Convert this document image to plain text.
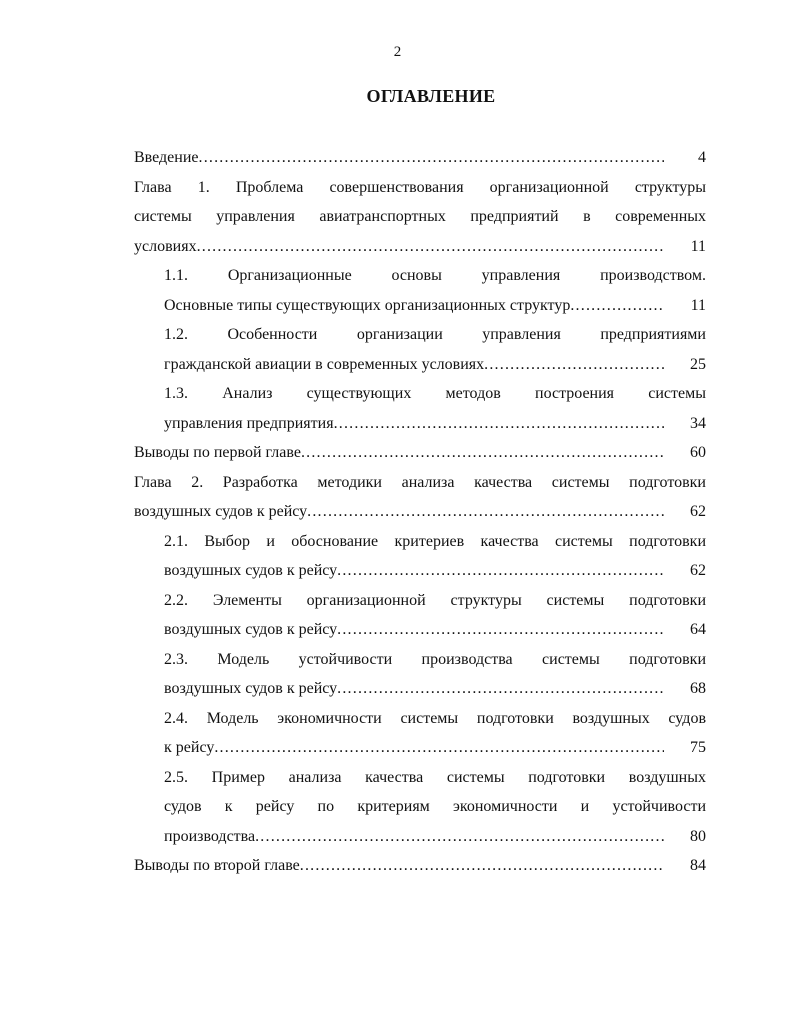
2
ОГЛАВЛЕНИЕ
Введение .....	4
Глава 1. Проблема совершенствования организационной структуры
системы управления авиатранспортных предприятий в современных
условиях .....	11
1.1. Организационные основы управления производством.
Основные типы существующих организационных структур .....	11
1.2. Особенности организации управления предприятиями
гражданской авиации в современных условиях .....	25
1.3. Анализ существующих методов построения системы
управления предприятия .....	34
Выводы по первой главе .....	60
Глава 2. Разработка методики анализа качества системы подготовки
воздушных судов к рейсу .....	62
2.1. Выбор и обоснование критериев качества системы подготовки
воздушных судов к рейсу .....	62
2.2. Элементы организационной структуры системы подготовки
воздушных судов к рейсу .....	64
2.3. Модель устойчивости производства системы подготовки
воздушных судов к рейсу .....	68
2.4. Модель экономичности системы подготовки воздушных судов
к рейсу .....	75
2.5. Пример анализа качества системы подготовки воздушных
судов к рейсу по критериям экономичности и устойчивости
производства .....	80
Выводы по второй главе .....	84
